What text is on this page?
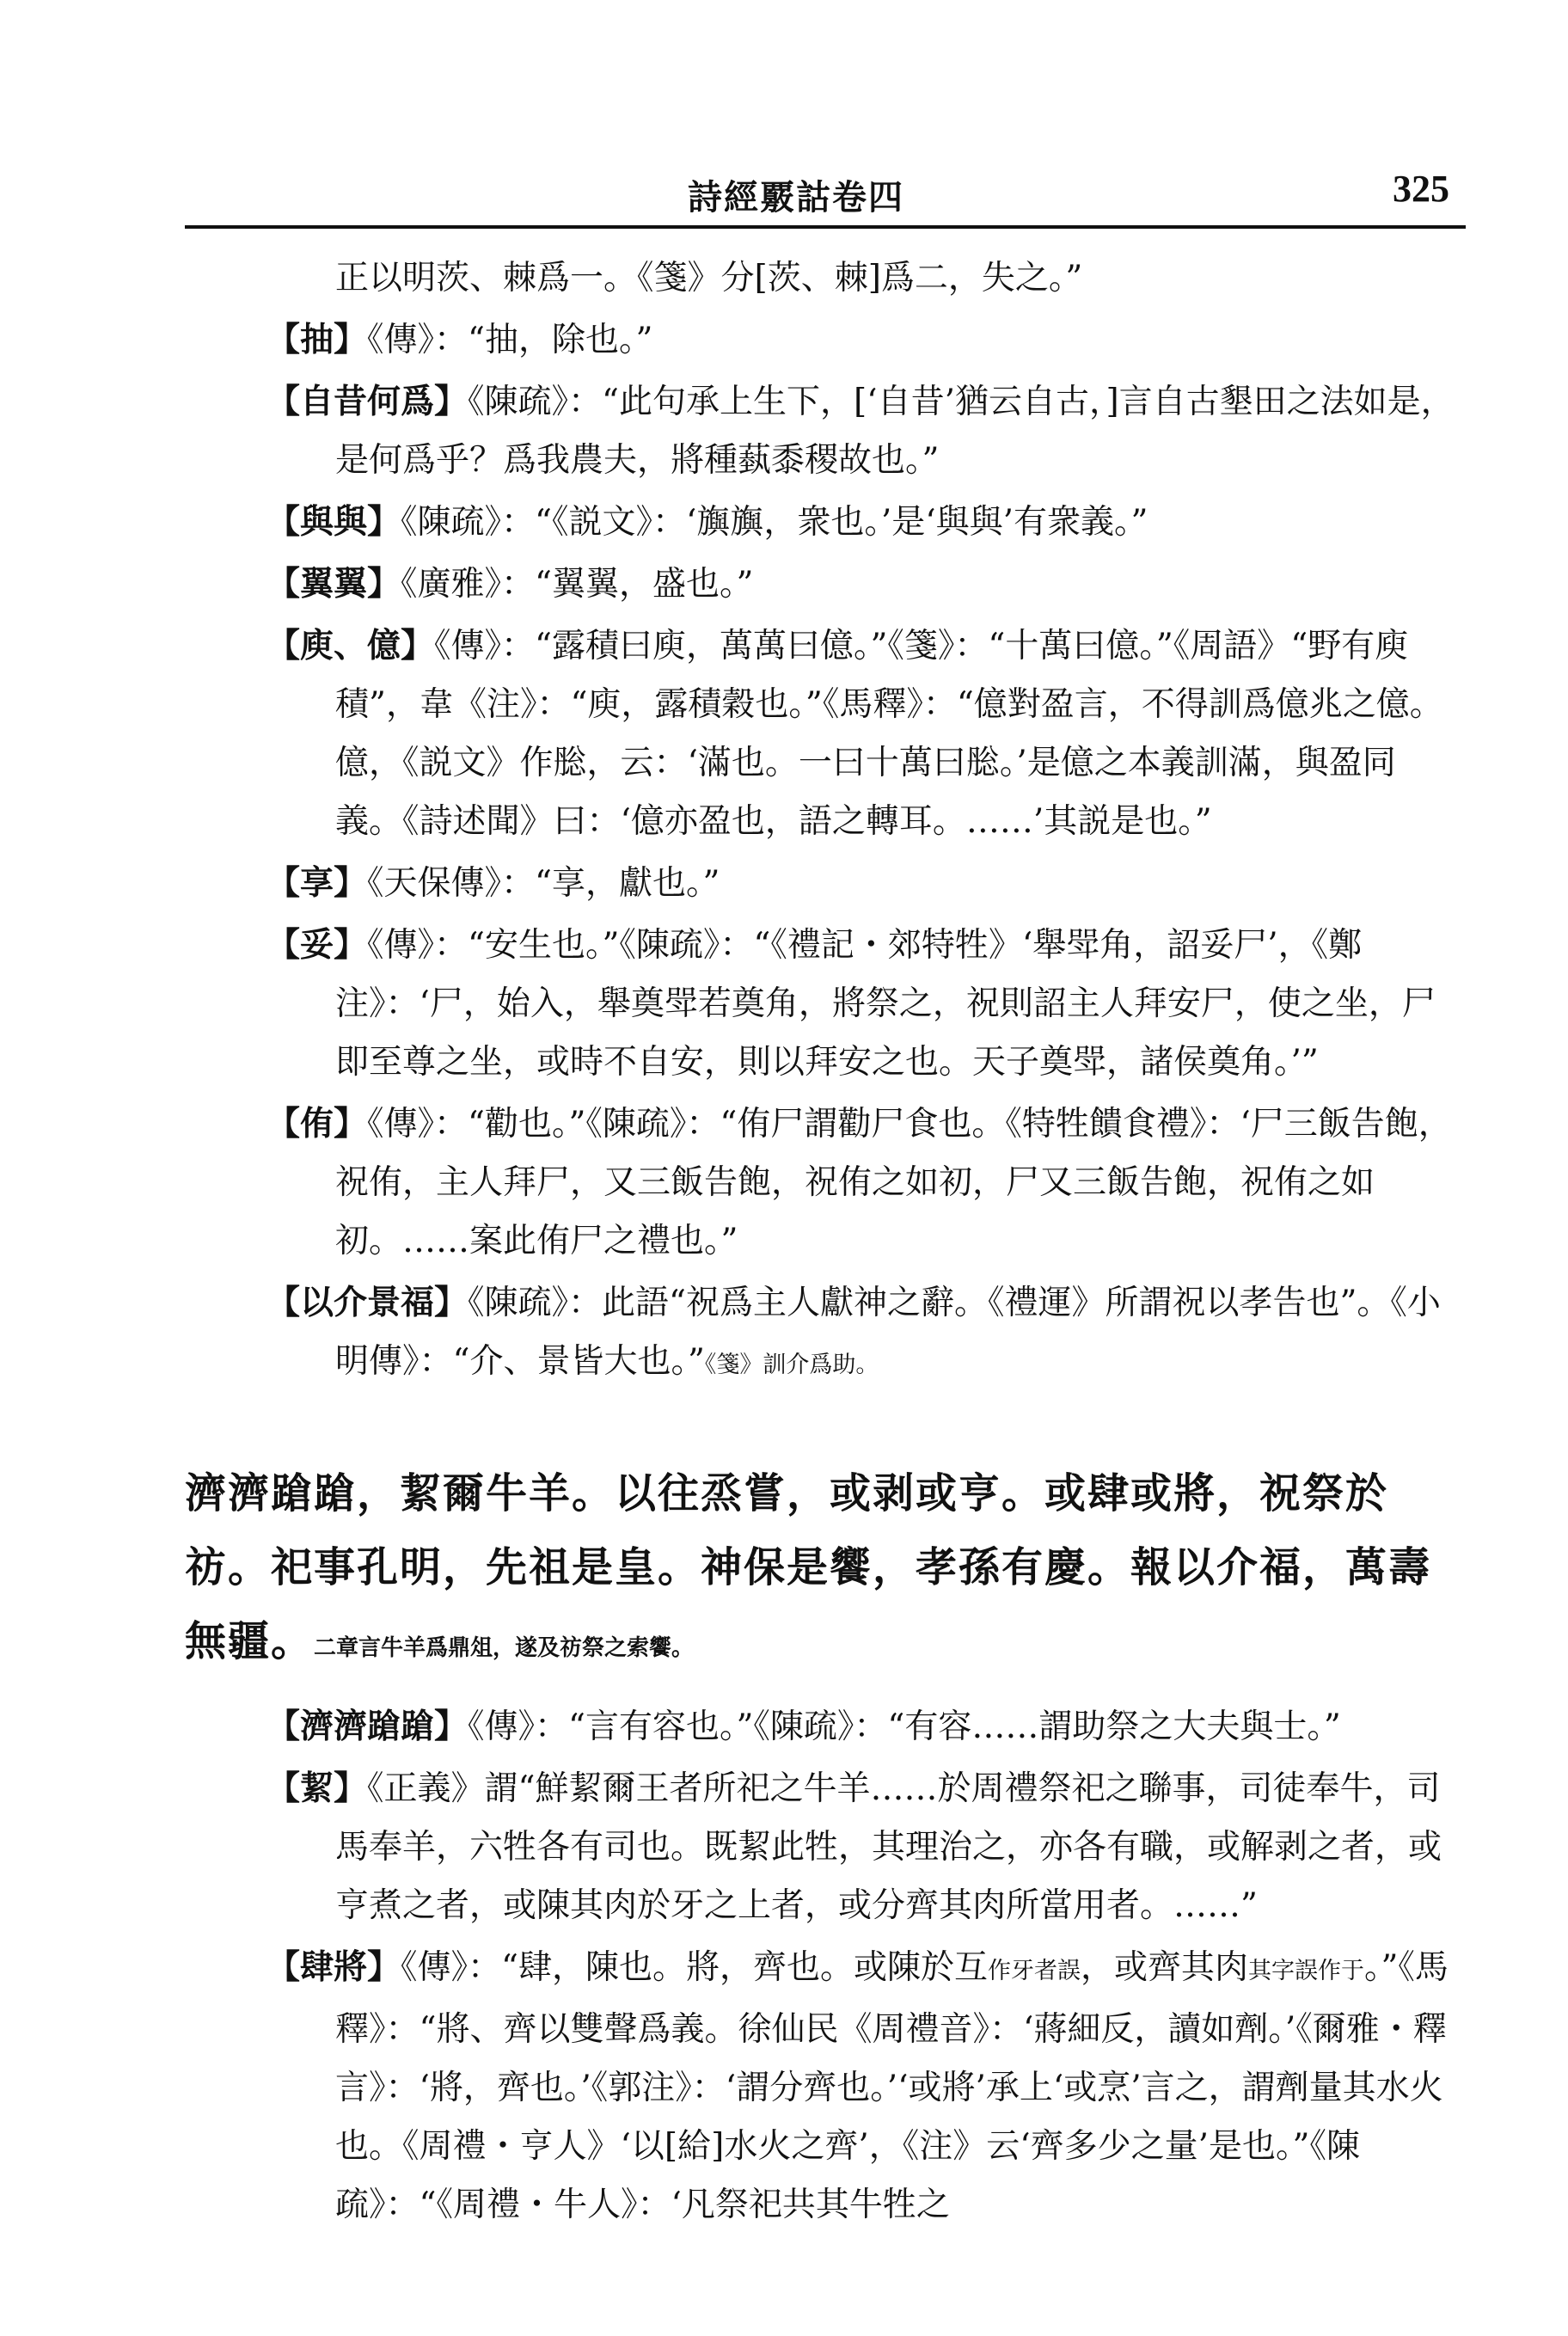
詩經覈詁卷四	325

正以明茨、棘爲一。《箋》分[茨、棘]爲二，失之。”

【抽】《傳》：“抽，除也。”

【自昔何爲】《陳疏》：“此句承上生下，[‘自昔’猶云自古，]言自古墾田之法如是，是何爲乎？爲我農夫，將種蓺黍稷故也。”

【與與】《陳疏》：“《説文》：‘旟旟，衆也。’是‘與與’有衆義。”

【翼翼】《廣雅》：“翼翼，盛也。”

【庾、億】《傳》：“露積曰庾，萬萬曰億。”《箋》：“十萬曰億。”《周語》“野有庾積”，韋《注》：“庾，露積穀也。”《馬釋》：“億對盈言，不得訓爲億兆之億。億，《説文》作㥖，云：‘滿也。一曰十萬曰㥖。’是億之本義訓滿，與盈同義。《詩述聞》曰：‘億亦盈也，語之轉耳。……’其説是也。”

【享】《天保傳》：“享，獻也。”

【妥】《傳》：“安生也。”《陳疏》：“《禮記・郊特牲》‘舉斝角，詔妥尸’，《鄭注》：‘尸，始入，舉奠斝若奠角，將祭之，祝則詔主人拜安尸，使之坐，尸即至尊之坐，或時不自安，則以拜安之也。天子奠斝，諸侯奠角。’”

【侑】《傳》：“勸也。”《陳疏》：“侑尸謂勸尸食也。《特牲饋食禮》：‘尸三飯告飽，祝侑，主人拜尸，又三飯告飽，祝侑之如初，尸又三飯告飽，祝侑之如初。……案此侑尸之禮也。”

【以介景福】《陳疏》：此語“祝爲主人獻神之辭。《禮運》所謂祝以孝告也”。《小明傳》：“介、景皆大也。”《箋》訓介爲助。

濟濟蹌蹌，絜爾牛羊。以往烝嘗，或剥或亨。或肆或將，祝祭於祊。祀事孔明，先祖是皇。神保是饗，孝孫有慶。報以介福，萬壽無疆。二章言牛羊爲鼎俎，遂及祊祭之索饗。

【濟濟蹌蹌】《傳》：“言有容也。”《陳疏》：“有容……謂助祭之大夫與士。”

【絜】《正義》謂“鮮絜爾王者所祀之牛羊……於周禮祭祀之聯事，司徒奉牛，司馬奉羊，六牲各有司也。既絜此牲，其理治之，亦各有職，或解剥之者，或亨煮之者，或陳其肉於牙之上者，或分齊其肉所當用者。……”

【肆將】《傳》：“肆，陳也。將，齊也。或陳於互作牙者誤，或齊其肉其字誤作于。”《馬釋》：“將、齊以雙聲爲義。徐仙民《周禮音》：‘蔣細反，讀如劑。’《爾雅・釋言》：‘將，齊也。’《郭注》：‘謂分齊也。’‘或將’承上‘或烹’言之，謂劑量其水火也。《周禮・亨人》‘以[給]水火之齊’，《注》云‘齊多少之量’是也。”《陳疏》：“《周禮・牛人》：‘凡祭祀共其牛牲之
